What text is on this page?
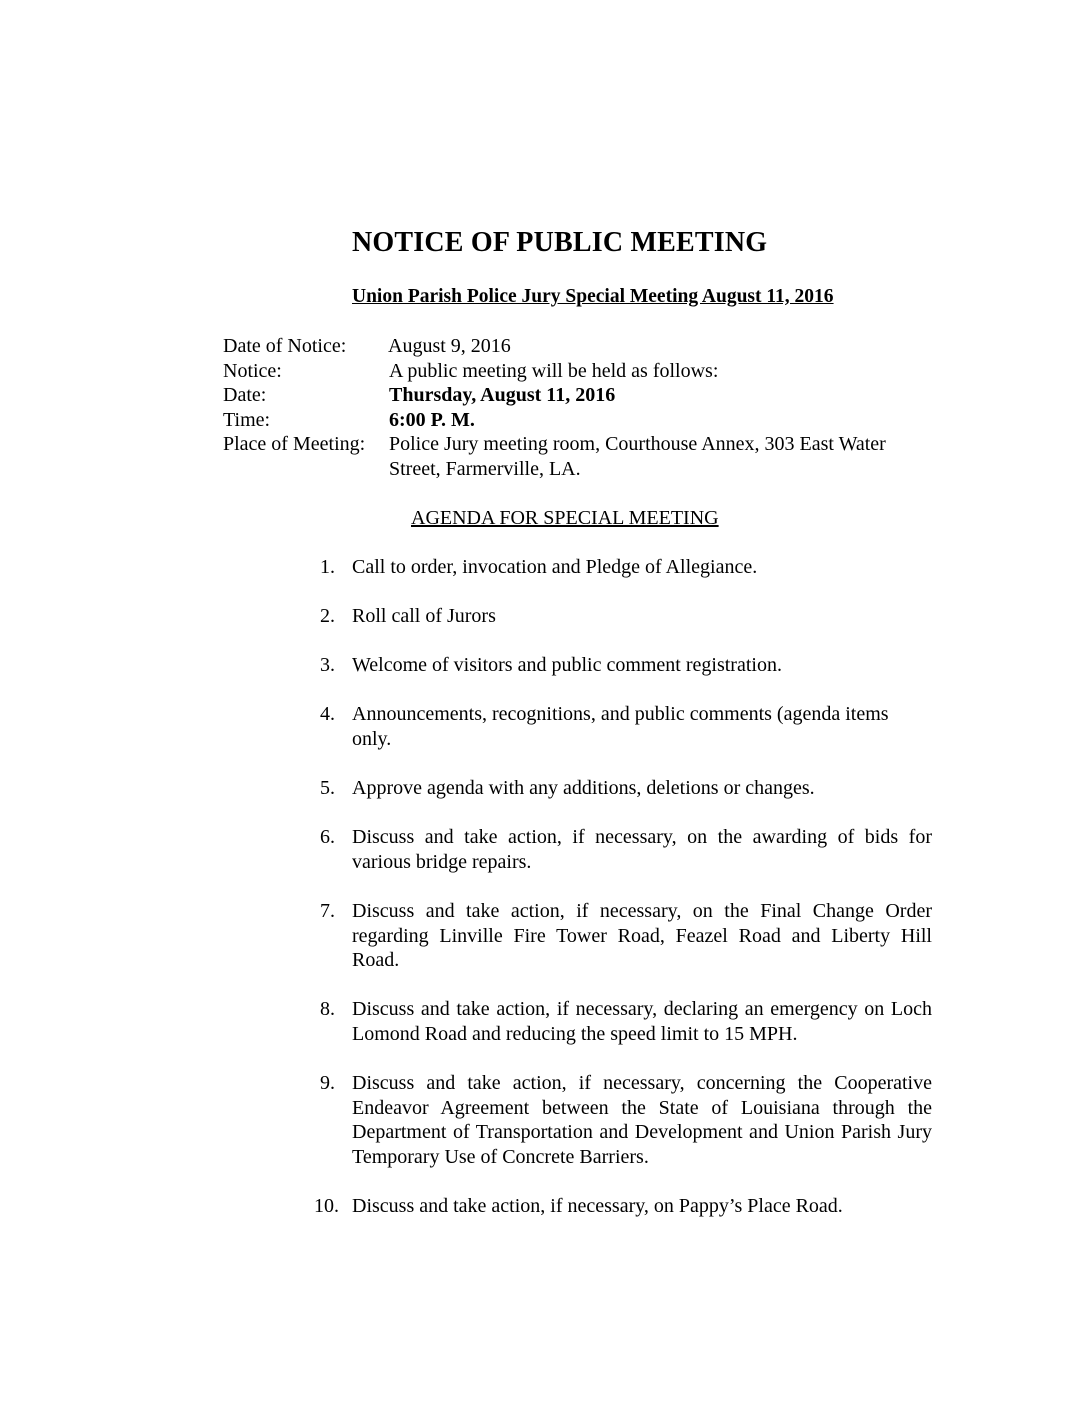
NOTICE OF PUBLIC MEETING
Union Parish Police Jury Special Meeting August 11, 2016
Date of Notice: August 9, 2016
Notice:	A public meeting will be held as follows:
Date:	Thursday, August 11, 2016
Time:	6:00 P. M.
Place of Meeting: Police Jury meeting room, Courthouse Annex, 303 East Water Street, Farmerville, LA.
AGENDA FOR SPECIAL MEETING
1. Call to order, invocation and Pledge of Allegiance.
2. Roll call of Jurors
3. Welcome of visitors and public comment registration.
4. Announcements, recognitions, and public comments (agenda items only.
5. Approve agenda with any additions, deletions or changes.
6. Discuss and take action, if necessary, on the awarding of bids for various bridge repairs.
7. Discuss and take action, if necessary, on the Final Change Order regarding Linville Fire Tower Road, Feazel Road and Liberty Hill Road.
8. Discuss and take action, if necessary, declaring an emergency on Loch Lomond Road and reducing the speed limit to 15 MPH.
9. Discuss and take action, if necessary, concerning the Cooperative Endeavor Agreement between the State of Louisiana through the Department of Transportation and Development and Union Parish Jury Temporary Use of Concrete Barriers.
10. Discuss and take action, if necessary, on Pappy’s Place Road.
